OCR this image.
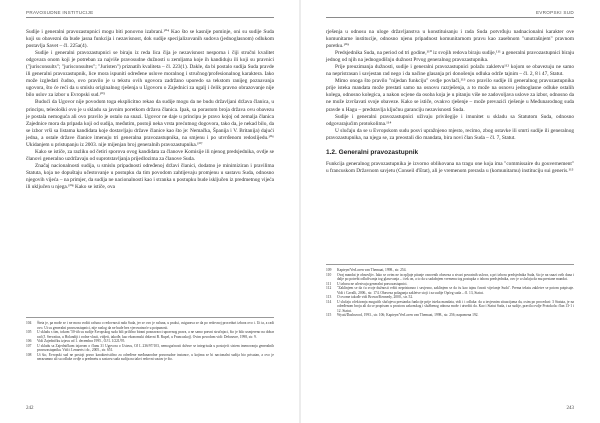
PRAVOSUDNE INSTITUCIJE

Sudije i generalni pravozastupnici mogu biti ponovno izabrani.¹⁰⁴ Kao što se kasnije pominje, oni su sudije Suda koji su obavezni da bude jasna funkcija i nezavisnost, dok sudije specijalizovanih sudova (jednoglasnom) odlukom postavlja Savet – čl. 225a(4).

Sudije i generalni pravozastupnici se biraju iz reda lica čija je nezavisnost nesporna i čiji stručni kvalitet odgovara onom koji je potreban za najviše pravosudne dužnosti u zemljama koje ih kandiduju ili koji su pravnici ("jurisconsults"; "jurisconsultes"; "Juristen") priznatih kvaliteta – čl. 223(1). Dakle, da bi postalo sudija Suda pravde ili generalni pravozastupnik, lice mora ispuniti određene uslove moralnog i stručnog/profesionalnog karaktera. Iako može izgledati čudno, ovo pravilo je u tekstu ovih ugovora zadržano uporedo sa tekstom ranijeg poznavanja ugovora, što će reći da u smislu originalnog rješenja u Ugovoru o Zajednici za ugalj i čelik pravno obrazovanje nije bilo uslov za izbor u Evropski sud.¹⁰⁵

Budući da Ugovor nije povodom toga eksplicitno rekao da sudije mogu da ne budu državljani država članica, u principu, teleološki ovo je u skladu sa javnim poretkom država članica. Ipak, sa porastom broja država ovu obavezu je postala nemoguća ali ovo pravilo je ostalo na snazi. Ugovor ne daje u principu je pravo kojoj od zemalja članica Zajednice mora da pripada koji od sudija, međutim, postoji neka vrsta prećutnog dogovora, tako da, je nekad bilo, da se izbor vrši sa listama kandidata koje dostavljaju države članice kao što je: Nemačka, Španija i V. Britanija) dajući jedna, a ostale države članice imenuju tri generalna pravozastupnika, na smjenu i po utvrđenom redoslijedu.¹⁰⁶ Ukidanjem u pristupanju iz 2003. nije mijenjan broj generalnih pravozastupnika.¹⁰⁷

Kako se ističe, za razliku od četiri sporova ovog kandidata za članove Komisije ili njenog predsjednika, ovdje se članovi generalno uzdržavaju od suprotstavljanja prijedlozima za članove Suda.

Značaj nacionalnosti sudija, u smislu pripadnosti određenoj državi članici, dodatno je minimiziran i pravilima Statuta, koja ne dopuštaju učestovanje u postupku da tim povodom zahtijevaju promjenu u sastavu Suda, odnosno njegovih vijeća – na primjer, da sudija ne nacionalnosti kao i stranka u postupku bude isključen iz predmetnog vijeća ili uključen u njega.¹⁰⁸ Kako se ističe, ova

104	Šteta je, pa može se i ne mora voditi računa o redovnosti rada Suda, jer se ovo je računa, u praksi, osigurava se da po redovnoj proceduri izbora ovo i. Ut ta, a radi ovo. Ut su generalni pravozastupnici, nije razlog da ne bude bez vjerovatnoće u potpunosti.
105	U skladu s tim, tokom '50-tih su sudije Evropskog suda bili prilično birani poznavaoci upravnog prava, a ne samo pravni stručnjaci, što je bilo usmjereno na dobar rad (J. Servatius, u Holandiji i rodne vlasti, vidjeti, takođe, kao ekonomski državni B. Rupel, u Francuskoj). Ovim povodom vidi: Debouvre, 1998, str. 9.
106	Vidi Zajedničku izjavu od 1. decembra 1995., OJ L 1/221/95.
107	U skladu sa Zajedničkom izjavom o članu 31 Ugovora o Ustavu, OJ L 236/97/103, nemogućnosti države se integrisala u postojeći sistem imenovanja generalnih pravozastupnika. Vidi i Lenaerts i dr., 2005., str. 651.
108	Ut što, Evropski sud ne postoji pravo karakteristično za određene međunarodne pravosudne instance, u kojima se bi nacionalni sudija bio prisutan, a ovo je nerazumno ali su odluke ovdje u predmetu u sastavu suda sudija na takvi redovni sastav je što.
242
EVROPSKI SUD

rješenja u odnosu na uloge državljanstva u konstituisanju i rada Suda potvrđuju nadnacionalni karakter ove komunitarne institucije, odnosno njenu pripadnost komunitarnom pravu kao zasebnom "unutrašnjem" pravnom poretku.¹⁰⁹

Predsjednika Suda, na period od tri godine,¹¹⁰ iz svojih redova biraju sudije,¹¹¹ a generalni pravozastupnici biraju jednog od njih na jednogodišnju dužnost Prvog generalnog pravozastupnika.

Prije preuzimanja dužnosti, sudije i generalni pravozastupnici polažu zakletvu¹¹² kojom se obavezuju ne samo na nepristrasan i savjestan rad nego i da načine glasanja pri donošenju odluka održe tajnim – čl. 2, 8 i 47, Statut.

Mimo onoga što pravilo "nijedan funkciju" ovdje povlači,¹¹³ ovo pravilo sudije ili generalnog pravozastupnika prije isteka mandata može prestati samo na osnovu razrješenja, a to može na osnovu jednoglasne odluke ostalih kolega, odnosno kolegica, a nakon ocjene da osoba koja je u pitanju više ne zadovoljava uslove za izbor, odnosno da ne može izvršavati svoje obaveze. Kako se ističe, ovakvo rješenje – može prevazići rješenje u Međunarodnog suda pravde u Hagu – predstavlja ključnu garanciju nezavisnosti Suda.

Sudije i generalni pravozastupnici uživaju privilegije i imunitet u skladu sa Statutom Suda, odnosno odgovarajućim protokolima.¹¹⁴

U slučaju da se u Evropskom sudu posvi upražnjeno mjesto, recimo, zbog ostavke ili smrti sudije ili generalnog pravozastupnika, na njega se, za preostali dio mandata, bira novi član Suda – čl. 7, Statut.

1.2. Generalni pravozastupnik

Funkcija generalnog pravozastupnika je izvorno oblikovana na tragu one koja ima "commissaire du gouvernement" u francuskom Državnom savjetu (Conseil d'Etat), ali je vremenom prerasla u (komunitarnu) instituciju sui generis.¹¹⁵

109	Kapteyn/VerLoren van Themaat, 1998., str. 254.
110	Ovaj mandat je obnovljiv. Iako se ovim ne iscrpljuje pitanje osnovnih obaveza u stvari povratnih uslova, a pri izboru predsjednika Suda, što je na snazi ovih dana i dalje po potrebi odlučivanja tog glasovanja – i tek on, a to da u sadašnjem vremenu tog postupka o izboru predsjednika, ovo je u slučaju da mu prestane mandat.
111	U izboru ne učestvuju generalni pravozastupnici.
112	"Zaklinjem se da ću svoje dužnosti vršiti nepristrasno i savjesno, zaklinjem se da ću kao tajnu čuvati vijećanje Suda". Prema tekstu zakletve se potom potpisuje. Vidi i Cavalli, 2006., str. 174. Obaveza polaganja zakletve stoji i za sudije Općeg suda – čl. 13, Statut.
113	O ovome takođe vidi Brown/Kennedy, 2000., str. 52.
114	U slučaju očekivanja mogućih slučajeva prestanka funkcije prije isteka mandata, vidi i i odluka: da u izvjesnim situacijama da, osim po proceduri: 3 Statuta, je na određenom broju ali da se propisom u prostoru zakonskog i službenog odnosa može i utvrditi da. Kao i Statut Suda, i za sudije, pravila ovdje Protokola: član 13-1 i 12. Statut.
115	Wyatt/Dashwood, 1993., str. 106; Kapteyn/VerLoren van Themaat, 1998., str. 256; napomena 192.
243
